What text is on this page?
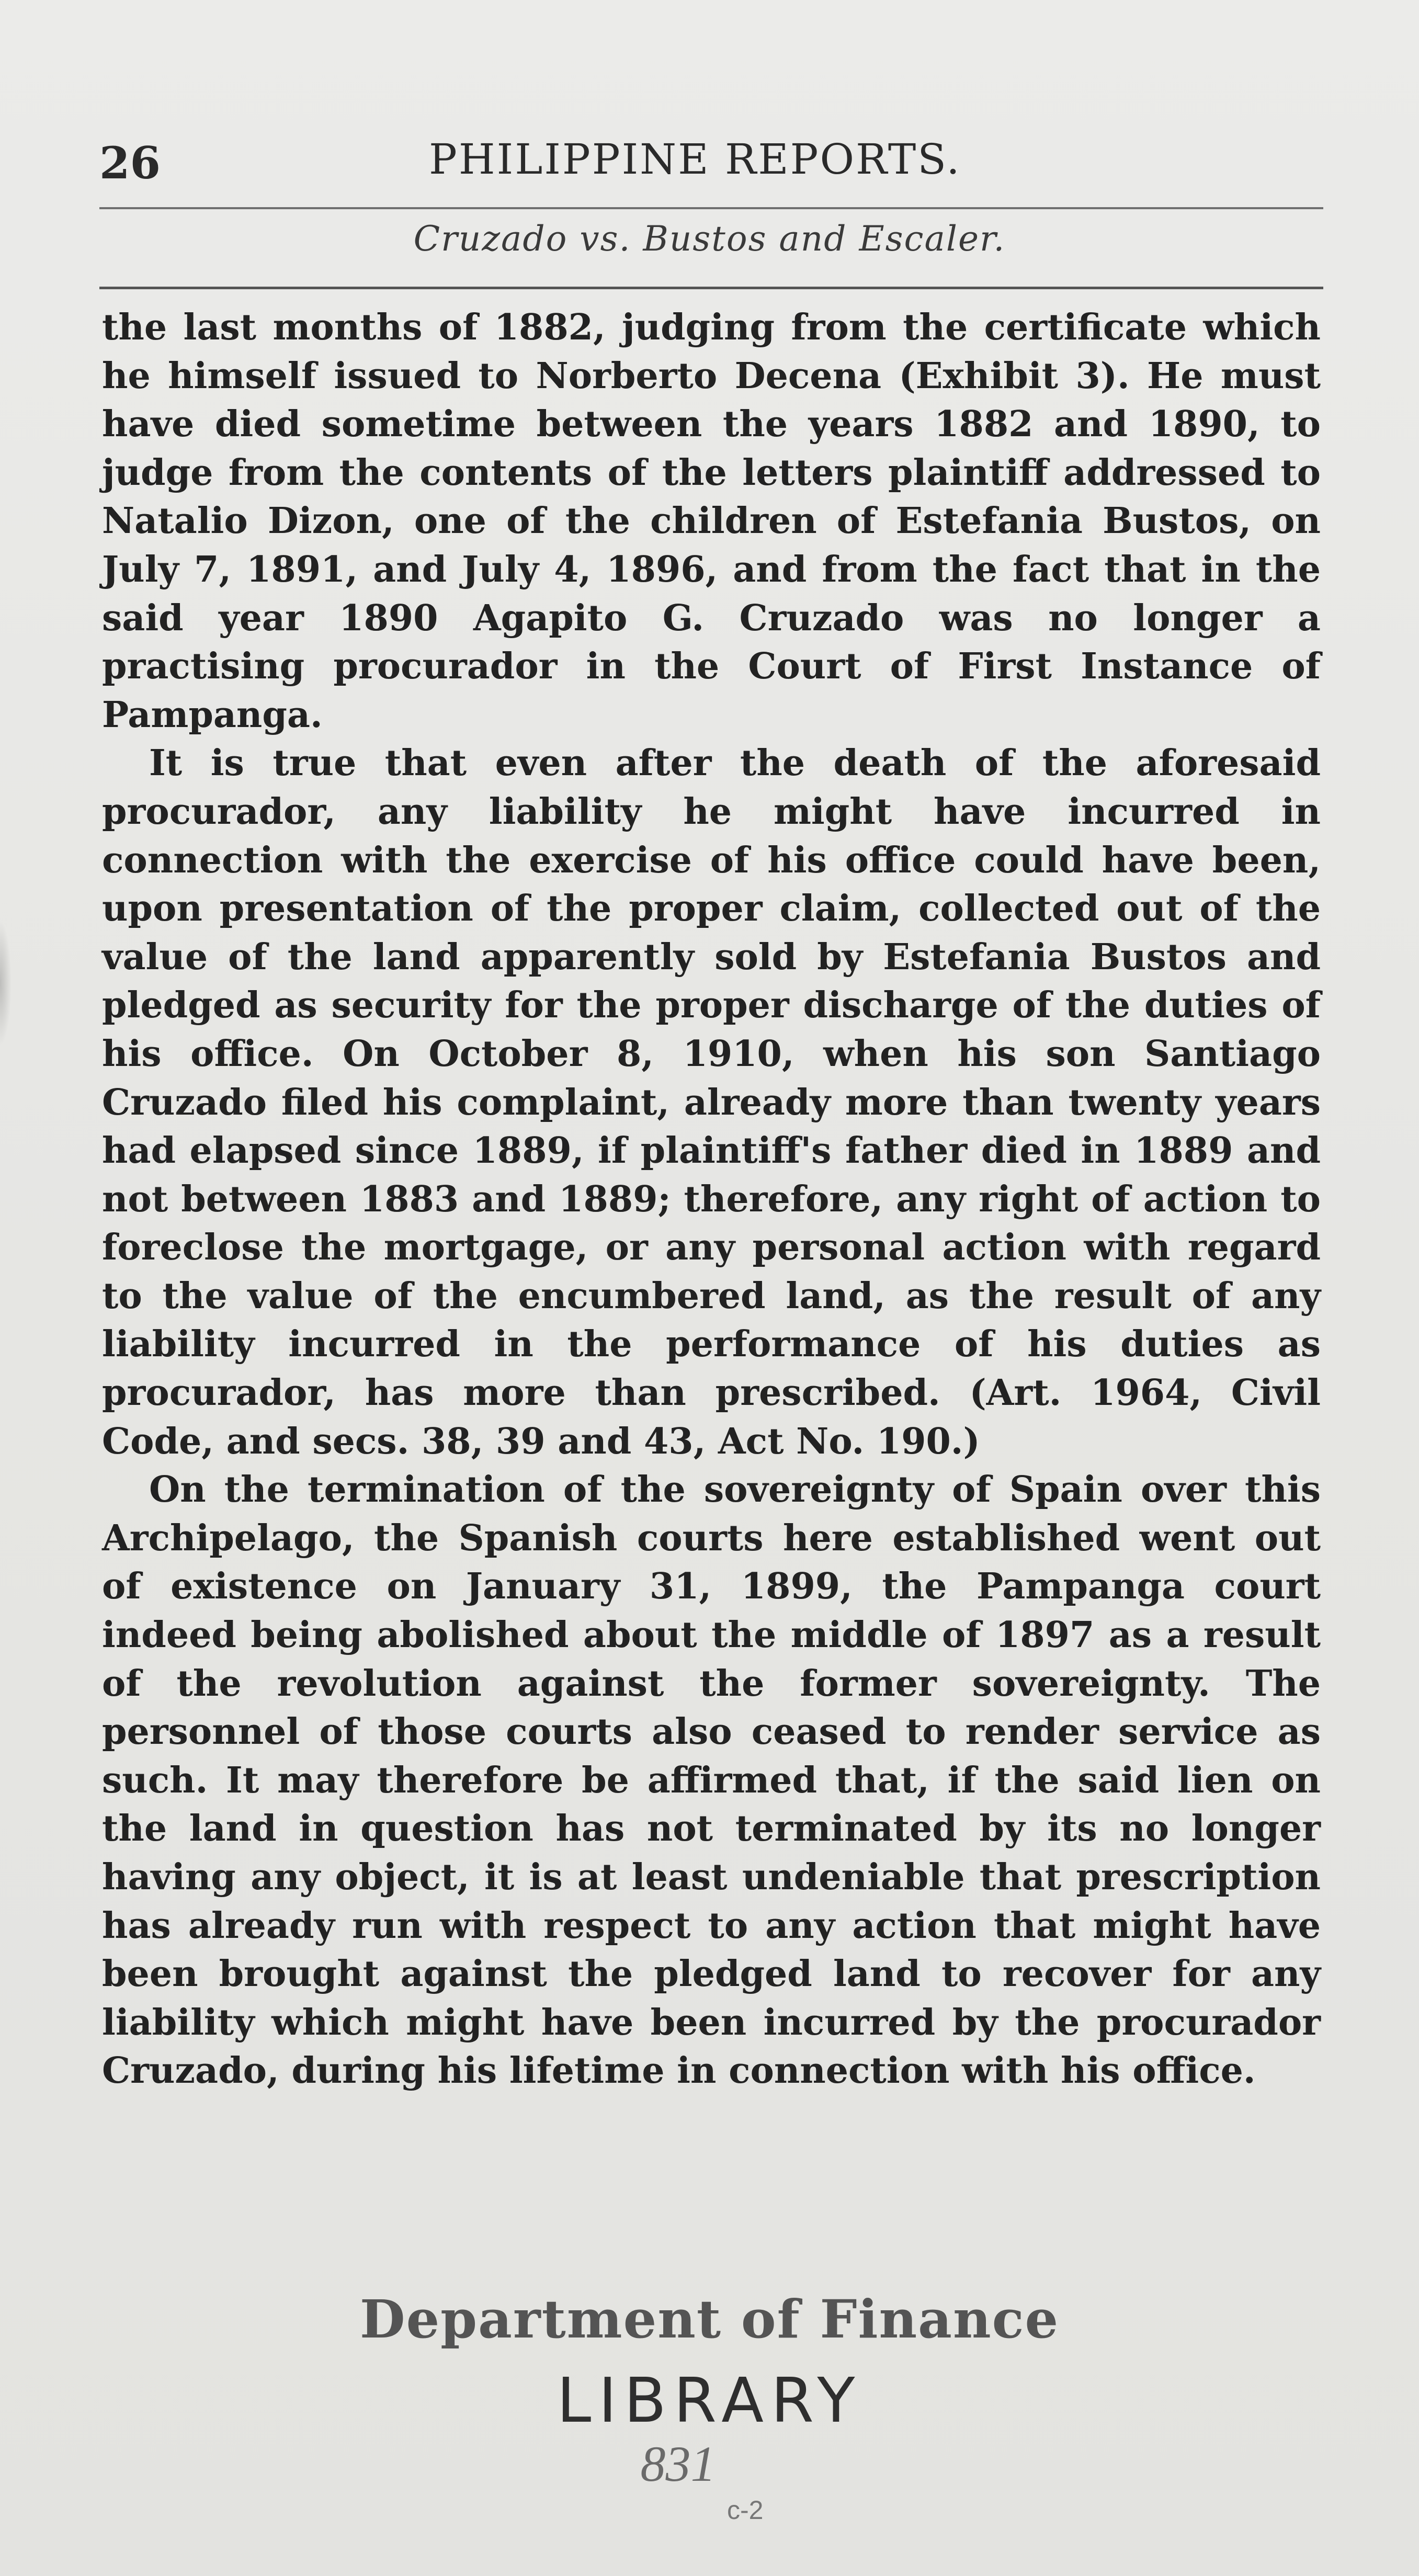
26	PHILIPPINE REPORTS.
Cruzado vs. Bustos and Escaler.

the last months of 1882, judging from the certificate which he himself issued to Norberto Decena (Exhibit 3). He must have died sometime between the years 1882 and 1890, to judge from the contents of the letters plaintiff addressed to Natalio Dizon, one of the children of Estefania Bustos, on July 7, 1891, and July 4, 1896, and from the fact that in the said year 1890 Agapito G. Cruzado was no longer a practising procurador in the Court of First Instance of Pampanga.

It is true that even after the death of the aforesaid procurador, any liability he might have incurred in connection with the exercise of his office could have been, upon presentation of the proper claim, collected out of the value of the land apparently sold by Estefania Bustos and pledged as security for the proper discharge of the duties of his office. On October 8, 1910, when his son Santiago Cruzado filed his complaint, already more than twenty years had elapsed since 1889, if plaintiff's father died in 1889 and not between 1883 and 1889; therefore, any right of action to foreclose the mortgage, or any personal action with regard to the value of the encumbered land, as the result of any liability incurred in the performance of his duties as procurador, has more than prescribed. (Art. 1964, Civil Code, and secs. 38, 39 and 43, Act No. 190.)

On the termination of the sovereignty of Spain over this Archipelago, the Spanish courts here established went out of existence on January 31, 1899, the Pampanga court indeed being abolished about the middle of 1897 as a result of the revolution against the former sovereignty. The personnel of those courts also ceased to render service as such. It may therefore be affirmed that, if the said lien on the land in question has not terminated by its no longer having any object, it is at least undeniable that prescription has already run with respect to any action that might have been brought against the pledged land to recover for any liability which might have been incurred by the procurador Cruzado, during his lifetime in connection with his office.

Department of Finance
LIBRARY
831
c-2
